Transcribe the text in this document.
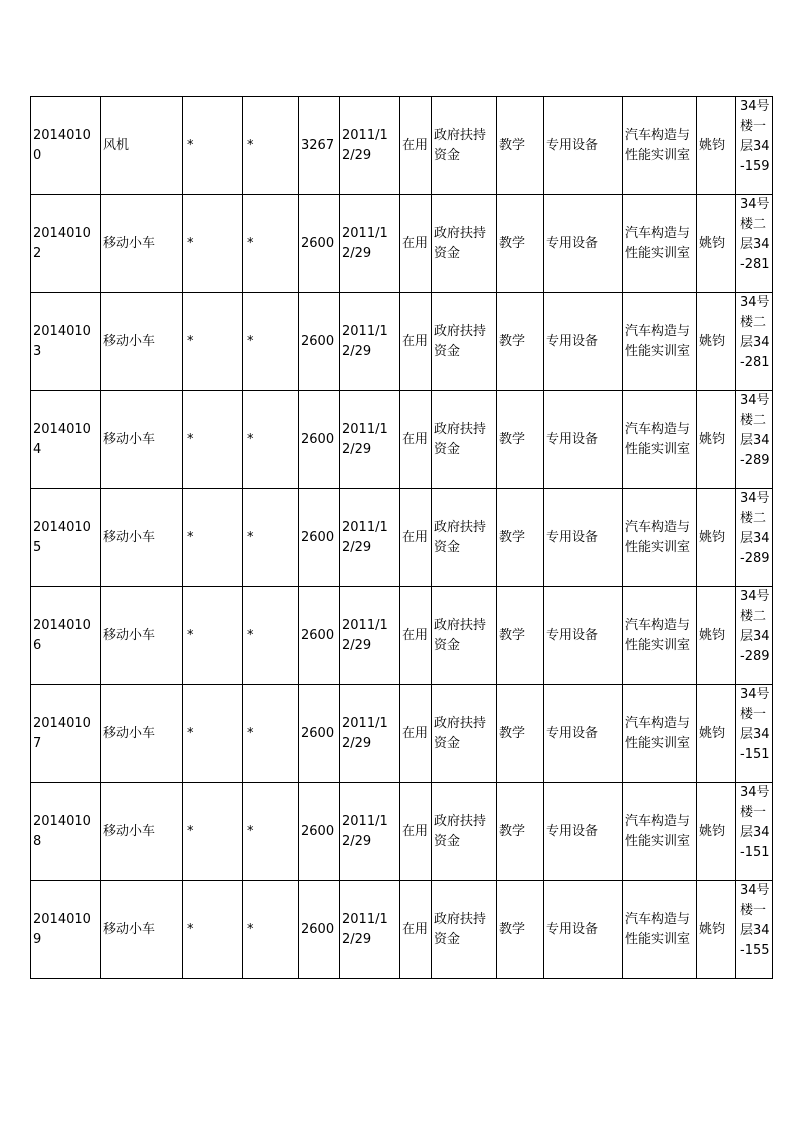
20140100	风机	*	*	3267	2011/12/29	在用	政府扶持资金	教学	专用设备	汽车构造与性能实训室	姚钧	34号楼一层34-159
20140102	移动小车	*	*	2600	2011/12/29	在用	政府扶持资金	教学	专用设备	汽车构造与性能实训室	姚钧	34号楼二层34-281
20140103	移动小车	*	*	2600	2011/12/29	在用	政府扶持资金	教学	专用设备	汽车构造与性能实训室	姚钧	34号楼二层34-281
20140104	移动小车	*	*	2600	2011/12/29	在用	政府扶持资金	教学	专用设备	汽车构造与性能实训室	姚钧	34号楼二层34-289
20140105	移动小车	*	*	2600	2011/12/29	在用	政府扶持资金	教学	专用设备	汽车构造与性能实训室	姚钧	34号楼二层34-289
20140106	移动小车	*	*	2600	2011/12/29	在用	政府扶持资金	教学	专用设备	汽车构造与性能实训室	姚钧	34号楼二层34-289
20140107	移动小车	*	*	2600	2011/12/29	在用	政府扶持资金	教学	专用设备	汽车构造与性能实训室	姚钧	34号楼一层34-151
20140108	移动小车	*	*	2600	2011/12/29	在用	政府扶持资金	教学	专用设备	汽车构造与性能实训室	姚钧	34号楼一层34-151
20140109	移动小车	*	*	2600	2011/12/29	在用	政府扶持资金	教学	专用设备	汽车构造与性能实训室	姚钧	34号楼一层34-155
